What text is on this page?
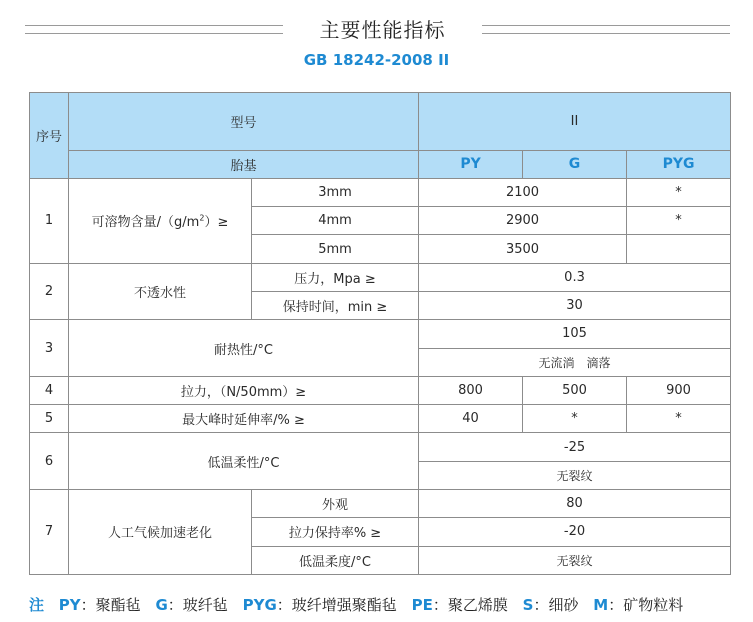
主要性能指标
GB 18242-2008 II
序号	型号		II		
	胎基		PY	G	PYG
1	可溶物含量$/(g/m^2)\ge$	3mm	2100		*
		4mm	2900		*
		5mm	3500		
2	不透水性	压力，Mpa ≥	0.3		
		保持时间，min ≥	30		
3	耐热性/°C		105		
			无流淌　滴落		
4	拉力，（N/50mm）≥		800	500	900
5	最大峰时延伸率/% ≥		40	*	*
6	低温柔性/°C		-25		
			无裂纹		
7	人工气候加速老化	外观	80		
		拉力保持率% ≥	-20		
		低温柔度/°C	无裂纹		
注 PY：聚酯毡 G：玻纤毡 PYG：玻纤增强聚酯毡 PE：聚乙烯膜 S：细砂 M：矿物粒料
